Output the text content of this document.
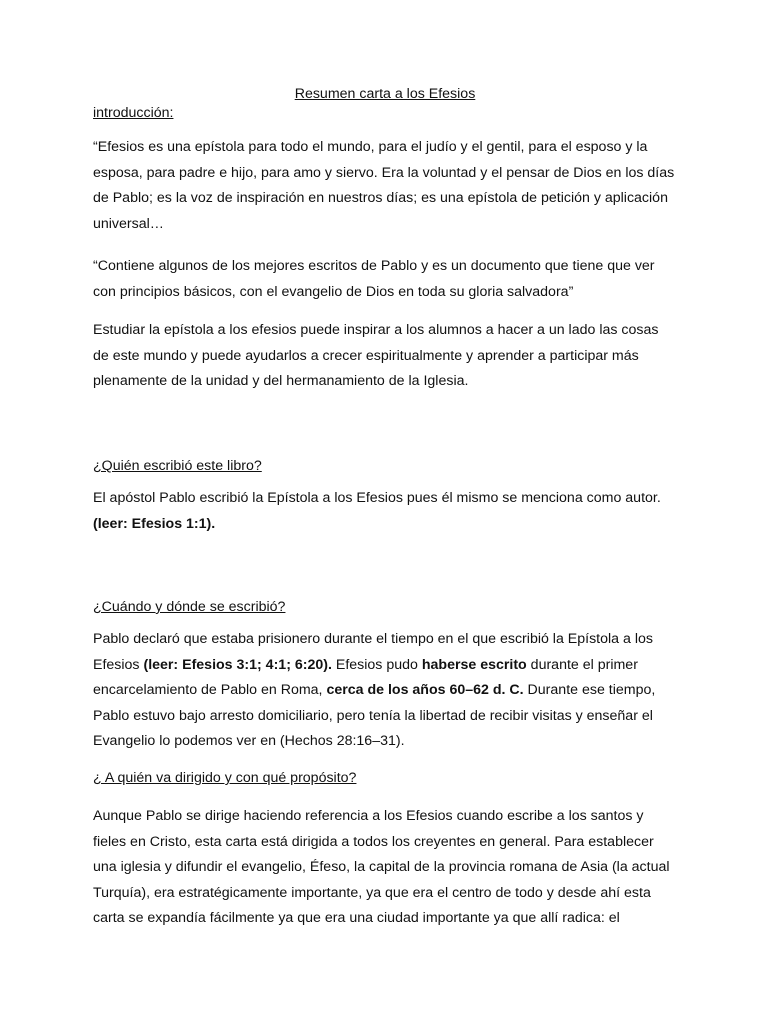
Resumen carta a los Efesios

introducción:

“Efesios es una epístola para todo el mundo, para el judío y el gentil, para el esposo y la esposa, para padre e hijo, para amo y siervo. Era la voluntad y el pensar de Dios en los días de Pablo; es la voz de inspiración en nuestros días; es una epístola de petición y aplicación universal…

“Contiene algunos de los mejores escritos de Pablo y es un documento que tiene que ver con principios básicos, con el evangelio de Dios en toda su gloria salvadora”

Estudiar la epístola a los efesios puede inspirar a los alumnos a hacer a un lado las cosas de este mundo y puede ayudarlos a crecer espiritualmente y aprender a participar más plenamente de la unidad y del hermanamiento de la Iglesia.

¿Quién escribió este libro?

El apóstol Pablo escribió la Epístola a los Efesios pues él mismo se menciona como autor.
(leer: Efesios 1:1).

¿Cuándo y dónde se escribió?

Pablo declaró que estaba prisionero durante el tiempo en el que escribió la Epístola a los Efesios (leer: Efesios 3:1; 4:1; 6:20). Efesios pudo haberse escrito durante el primer encarcelamiento de Pablo en Roma, cerca de los años 60–62 d. C. Durante ese tiempo, Pablo estuvo bajo arresto domiciliario, pero tenía la libertad de recibir visitas y enseñar el Evangelio lo podemos ver en (Hechos 28:16–31).

¿ A quién va dirigido y con qué propósito?

Aunque Pablo se dirige haciendo referencia a los Efesios cuando escribe a los santos y fieles en Cristo, esta carta está dirigida a todos los creyentes en general. Para establecer una iglesia y difundir el evangelio, Éfeso, la capital de la provincia romana de Asia (la actual Turquía), era estratégicamente importante, ya que era el centro de todo y desde ahí esta carta se expandía fácilmente ya que era una ciudad importante ya que allí radica: el
